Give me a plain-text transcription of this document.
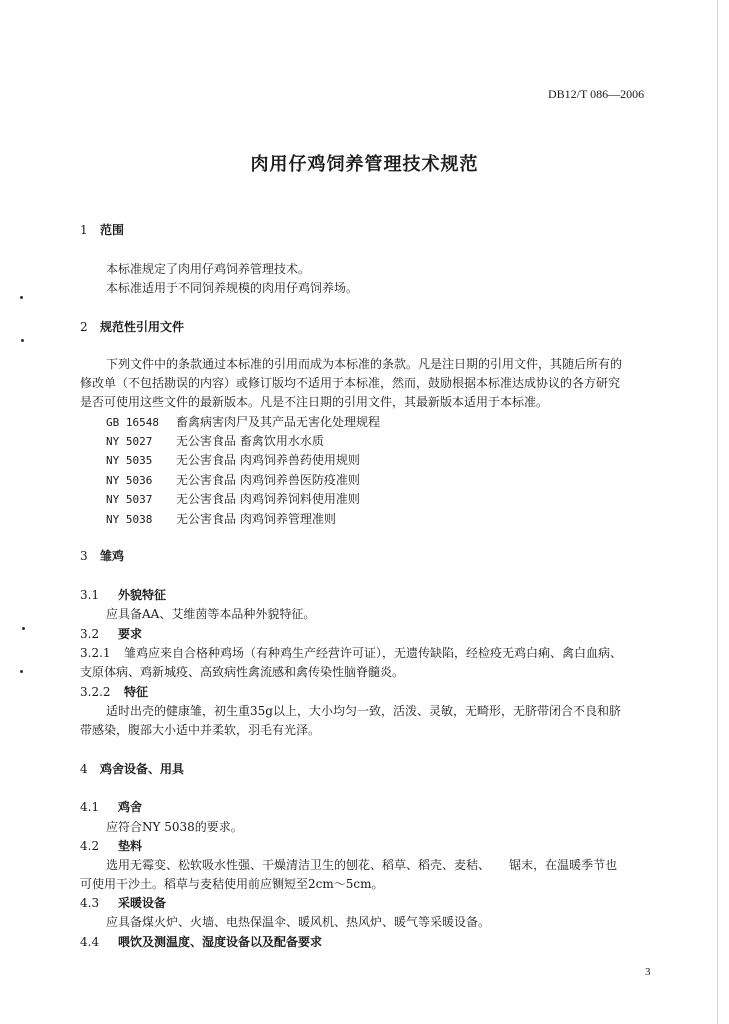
DB12/T 086—2006
肉用仔鸡饲养管理技术规范
1 范围
本标准规定了肉用仔鸡饲养管理技术。
本标准适用于不同饲养规模的肉用仔鸡饲养场。
2 规范性引用文件
下列文件中的条款通过本标准的引用而成为本标准的条款。凡是注日期的引用文件，其随后所有的
修改单（不包括勘误的内容）或修订版均不适用于本标准，然而，鼓励根据本标准达成协议的各方研究
是否可使用这些文件的最新版本。凡是不注日期的引用文件，其最新版本适用于本标准。
GB 16548 畜禽病害肉尸及其产品无害化处理规程
NY 5027 无公害食品 畜禽饮用水水质
NY 5035 无公害食品 肉鸡饲养兽药使用规则
NY 5036 无公害食品 肉鸡饲养兽医防疫准则
NY 5037 无公害食品 肉鸡饲养饲料使用准则
NY 5038 无公害食品 肉鸡饲养管理准则
3 雏鸡
3.1 外貌特征
应具备AA、艾维茵等本品种外貌特征。
3.2 要求
3.2.1 雏鸡应来自合格种鸡场（有种鸡生产经营许可证），无遗传缺陷，经检疫无鸡白痢、禽白血病、
支原体病、鸡新城疫、高致病性禽流感和禽传染性脑脊髓炎。
3.2.2 特征
适时出壳的健康雏，初生重35g以上，大小均匀一致，活泼、灵敏，无畸形，无脐带闭合不良和脐
带感染，腹部大小适中并柔软，羽毛有光泽。
4 鸡舍设备、用具
4.1 鸡舍
应符合NY 5038的要求。
4.2 垫料
选用无霉变、松软吸水性强、干燥清洁卫生的刨花、稻草、稻壳、麦秸、     锯末，在温暖季节也
可使用干沙土。稻草与麦秸使用前应铡短至2cm～5cm。
4.3 采暖设备
应具备煤火炉、火墙、电热保温伞、暖风机、热风炉、暖气等采暖设备。
4.4 喂饮及测温度、湿度设备以及配备要求
3
